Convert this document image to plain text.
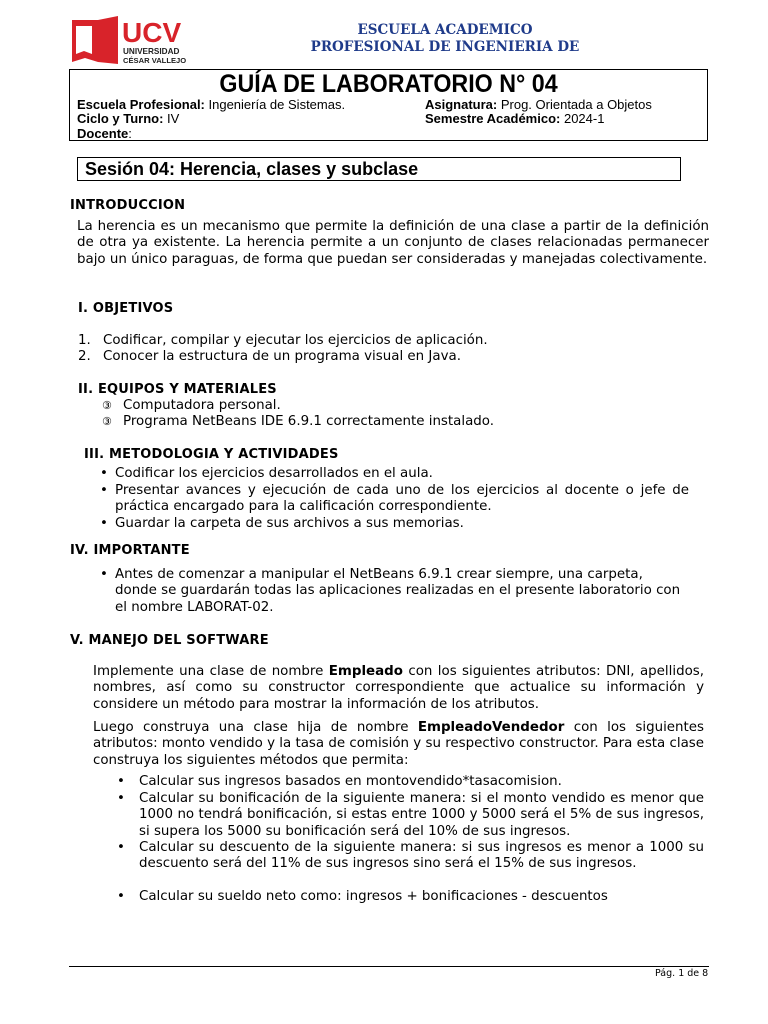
UCV
UNIVERSIDAD
CÉSAR VALLEJO
ESCUELA ACADEMICO
PROFESIONAL DE INGENIERIA DE
GUÍA DE LABORATORIO N° 04
Escuela Profesional: Ingeniería de Sistemas.	Asignatura: Prog. Orientada a Objetos
Ciclo y Turno: IV	Semestre Académico: 2024-1
Docente:
Sesión 04: Herencia, clases y subclase
INTRODUCCION
La herencia es un mecanismo que permite la definición de una clase a partir de la definición de otra ya existente. La herencia permite a un conjunto de clases relacionadas permanecer bajo un único paraguas, de forma que puedan ser consideradas y manejadas colectivamente.
I. OBJETIVOS
1. Codificar, compilar y ejecutar los ejercicios de aplicación.
2. Conocer la estructura de un programa visual en Java.
II. EQUIPOS Y MATERIALES
③ Computadora personal.
③ Programa NetBeans IDE 6.9.1 correctamente instalado.
III. METODOLOGIA Y ACTIVIDADES
• Codificar los ejercicios desarrollados en el aula.
• Presentar avances y ejecución de cada uno de los ejercicios al docente o jefe de práctica encargado para la calificación correspondiente.
• Guardar la carpeta de sus archivos a sus memorias.
IV. IMPORTANTE
• Antes de comenzar a manipular el NetBeans 6.9.1 crear siempre, una carpeta, donde se guardarán todas las aplicaciones realizadas en el presente laboratorio con el nombre LABORAT-02.
V. MANEJO DEL SOFTWARE
Implemente una clase de nombre Empleado con los siguientes atributos: DNI, apellidos, nombres, así como su constructor correspondiente que actualice su información y considere un método para mostrar la información de los atributos.
Luego construya una clase hija de nombre EmpleadoVendedor con los siguientes atributos: monto vendido y la tasa de comisión y su respectivo constructor. Para esta clase construya los siguientes métodos que permita:
• Calcular sus ingresos basados en montovendido*tasacomision.
• Calcular su bonificación de la siguiente manera: si el monto vendido es menor que 1000 no tendrá bonificación, si estas entre 1000 y 5000 será el 5% de sus ingresos, si supera los 5000 su bonificación será del 10% de sus ingresos.
• Calcular su descuento de la siguiente manera: si sus ingresos es menor a 1000 su descuento será del 11% de sus ingresos sino será el 15% de sus ingresos.
• Calcular su sueldo neto como: ingresos + bonificaciones - descuentos
Pág. 1 de 8
